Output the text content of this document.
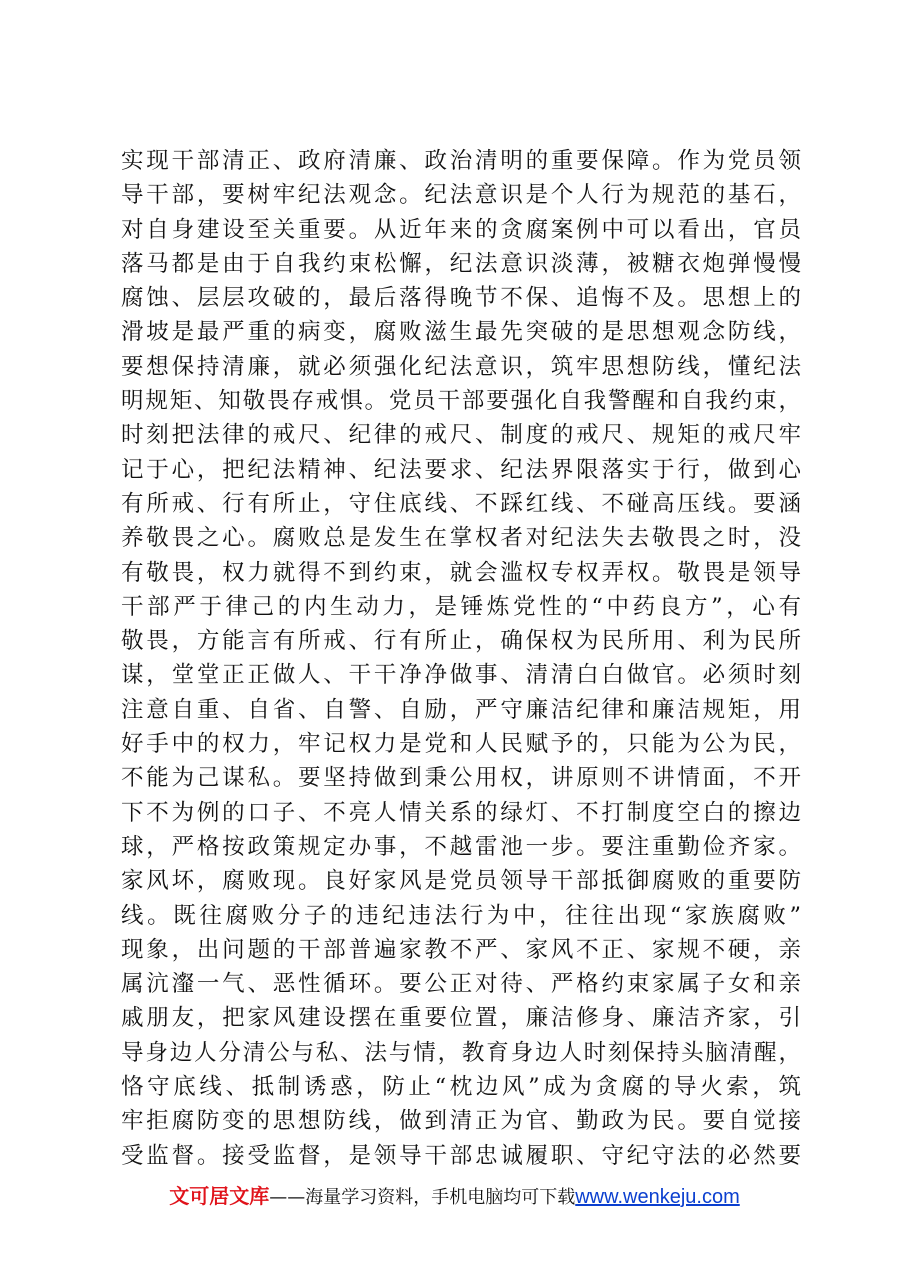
实现干部清正、政府清廉、政治清明的重要保障。作为党员领
导干部，要树牢纪法观念。纪法意识是个人行为规范的基石，
对自身建设至关重要。从近年来的贪腐案例中可以看出，官员
落马都是由于自我约束松懈，纪法意识淡薄，被糖衣炮弹慢慢
腐蚀、层层攻破的，最后落得晚节不保、追悔不及。思想上的
滑坡是最严重的病变，腐败滋生最先突破的是思想观念防线，
要想保持清廉，就必须强化纪法意识，筑牢思想防线，懂纪法
明规矩、知敬畏存戒惧。党员干部要强化自我警醒和自我约束，
时刻把法律的戒尺、纪律的戒尺、制度的戒尺、规矩的戒尺牢
记于心，把纪法精神、纪法要求、纪法界限落实于行，做到心
有所戒、行有所止，守住底线、不踩红线、不碰高压线。要涵
养敬畏之心。腐败总是发生在掌权者对纪法失去敬畏之时，没
有敬畏，权力就得不到约束，就会滥权专权弄权。敬畏是领导
干部严于律己的内生动力，是锤炼党性的“中药良方”，心有
敬畏，方能言有所戒、行有所止，确保权为民所用、利为民所
谋，堂堂正正做人、干干净净做事、清清白白做官。必须时刻
注意自重、自省、自警、自励，严守廉洁纪律和廉洁规矩，用
好手中的权力，牢记权力是党和人民赋予的，只能为公为民，
不能为己谋私。要坚持做到秉公用权，讲原则不讲情面，不开
下不为例的口子、不亮人情关系的绿灯、不打制度空白的擦边
球，严格按政策规定办事，不越雷池一步。要注重勤俭齐家。
家风坏，腐败现。良好家风是党员领导干部抵御腐败的重要防
线。既往腐败分子的违纪违法行为中，往往出现“家族腐败”
现象，出问题的干部普遍家教不严、家风不正、家规不硬，亲
属沆瀣一气、恶性循环。要公正对待、严格约束家属子女和亲
戚朋友，把家风建设摆在重要位置，廉洁修身、廉洁齐家，引
导身边人分清公与私、法与情，教育身边人时刻保持头脑清醒，
恪守底线、抵制诱惑，防止“枕边风”成为贪腐的导火索，筑
牢拒腐防变的思想防线，做到清正为官、勤政为民。要自觉接
受监督。接受监督，是领导干部忠诚履职、守纪守法的必然要
文可居文库——海量学习资料，手机电脑均可下载www.wenkeju.com
